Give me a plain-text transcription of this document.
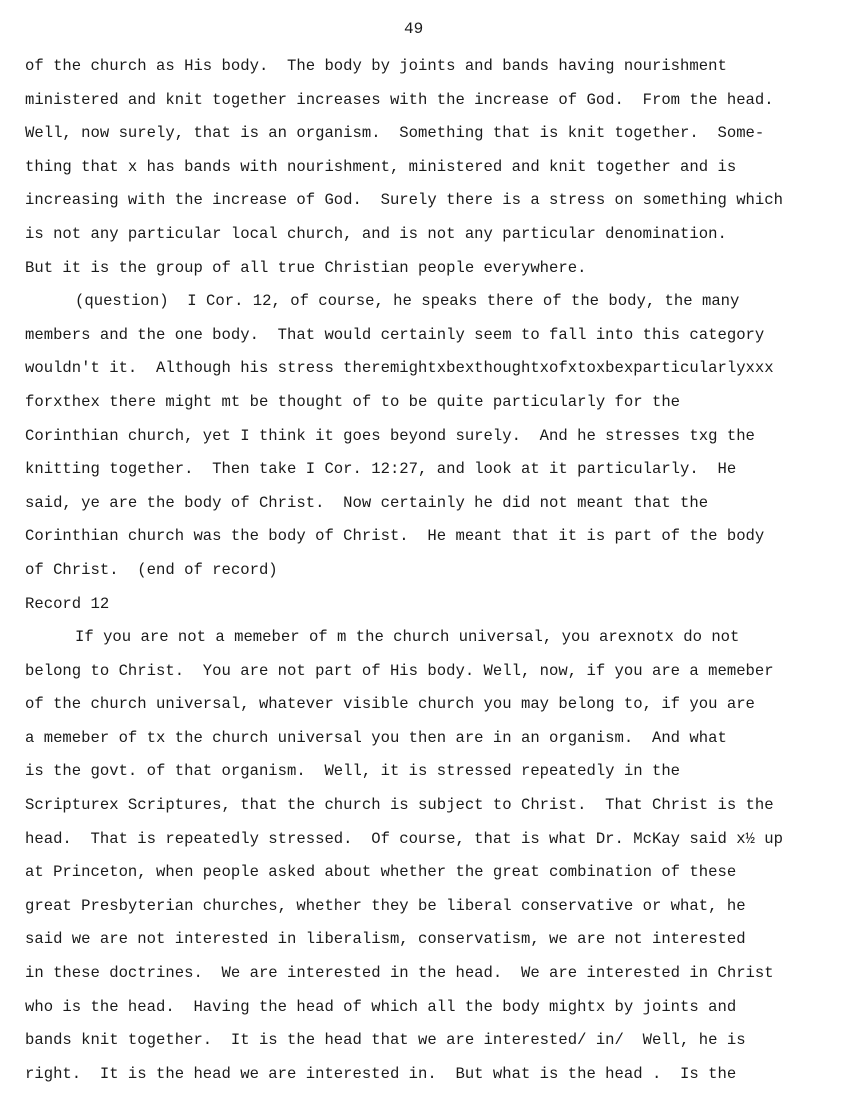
49
of the church as His body.  The body by joints and bands having nourishment
ministered and knit together increases with the increase of God.  From the head.
Well, now surely, that is an organism.  Something that is knit together.  Some-
thing that x has bands with nourishment, ministered and knit together and is
increasing with the increase of God.  Surely there is a stress on something which
is not any particular local church, and is not any particular denomination.
But it is the group of all true Christian people everywhere.
(question)  I Cor. 12, of course, he speaks there of the body, the many
members and the one body.  That would certainly seem to fall into this category
wouldn't it.  Although his stress theremightxbexthoughtxofxtoxbexparticularlyxxx
forxthex there might mt be thought of to be quite particularly for the
Corinthian church, yet I think it goes beyond surely.  And he stresses txg the
knitting together.  Then take I Cor. 12:27, and look at it particularly.  He
said, ye are the body of Christ.  Now certainly he did not meant that the
Corinthian church was the body of Christ.  He meant that it is part of the body
of Christ.  (end of record)
Record 12
If you are not a memeber of m the church universal, you arexnotx do not
belong to Christ.  You are not part of His body. Well, now, if you are a memeber
of the church universal, whatever visible church you may belong to, if you are
a memeber of tx the church universal you then are in an organism.  And what
is the govt. of that organism.  Well, it is stressed repeatedly in the
Scripturex Scriptures, that the church is subject to Christ.  That Christ is the
head.  That is repeatedly stressed.  Of course, that is what Dr. McKay said x½ up
at Princeton, when people asked about whether the great combination of these
great Presbyterian churches, whether they be liberal conservative or what, he
said we are not interested in liberalism, conservatism, we are not interested
in these doctrines.  We are interested in the head.  We are interested in Christ
who is the head.  Having the head of which all the body mightx by joints and
bands knit together.  It is the head that we are interested/ in/  Well, he is
right.  It is the head we are interested in.  But what is the head .  Is the
